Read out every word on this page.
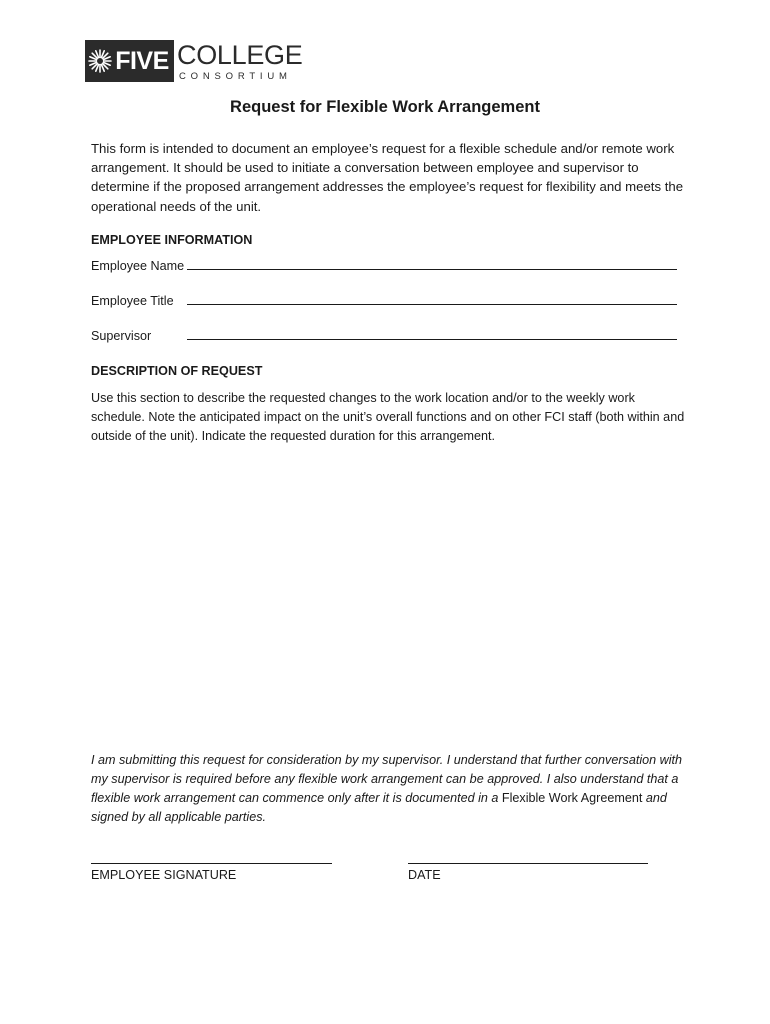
FIVE COLLEGE
CONSORTIUM
Request for Flexible Work Arrangement

This form is intended to document an employee’s request for a flexible schedule and/or remote work arrangement. It should be used to initiate a conversation between employee and supervisor to determine if the proposed arrangement addresses the employee’s request for flexibility and meets the operational needs of the unit.

EMPLOYEE INFORMATION

Employee Name
Employee Title
Supervisor

DESCRIPTION OF REQUEST

Use this section to describe the requested changes to the work location and/or to the weekly work schedule. Note the anticipated impact on the unit’s overall functions and on other FCI staff (both within and outside of the unit). Indicate the requested duration for this arrangement.

I am submitting this request for consideration by my supervisor. I understand that further conversation with my supervisor is required before any flexible work arrangement can be approved. I also understand that a flexible work arrangement can commence only after it is documented in a Flexible Work Agreement and signed by all applicable parties.

EMPLOYEE SIGNATURE	DATE
